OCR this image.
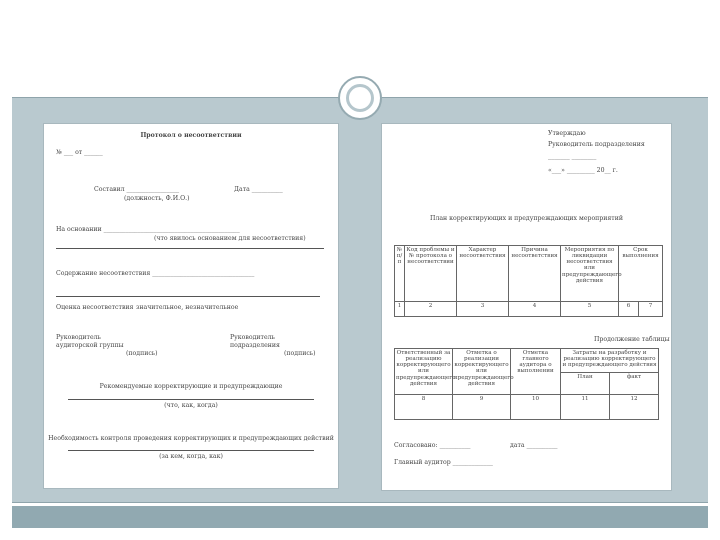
Протокол о несоответствии
№ ___ от ______
Составил _________________
(должность, Ф.И.О.)
Дата __________
На основании ____________________________________________
(что явилось основанием для несоответствия)
Содержание несоответствия _________________________________
Оценка несоответствия значительное, незначительное
Руководитель
аудиторской группы
(подпись)
Руководитель
подразделения
(подпись)
Рекомендуемые корректирующие и предупреждающие
(что, как, когда)
Необходимость контроля проведения корректирующих и предупреждающих действий
(за кем, когда, как)
Утверждаю
Руководитель подразделения
_______ ________
«___» _________ 20__ г.
План корректирующих и предупреждающих мероприятий
№ п/п	Код проблемы и № протокола о несоответствии	Характер несоответствия	Причина несоответствия	Мероприятия по ликвидации несоответствия или предупреждающего действия	Срок выполнения	
1	2	3	4	5	6	7
Продолжение таблицы
Ответственный за реализацию корректирующего или предупреждающего действия	Отметка о реализации корректирующего или предупреждающего действия	Отметка главного аудитора о выполнении	Затраты на разработку и реализацию корректирующего и предупреждающего действия	
			План	факт
8	9	10	11	12
Согласовано: __________	дата __________
Главный аудитор _____________
